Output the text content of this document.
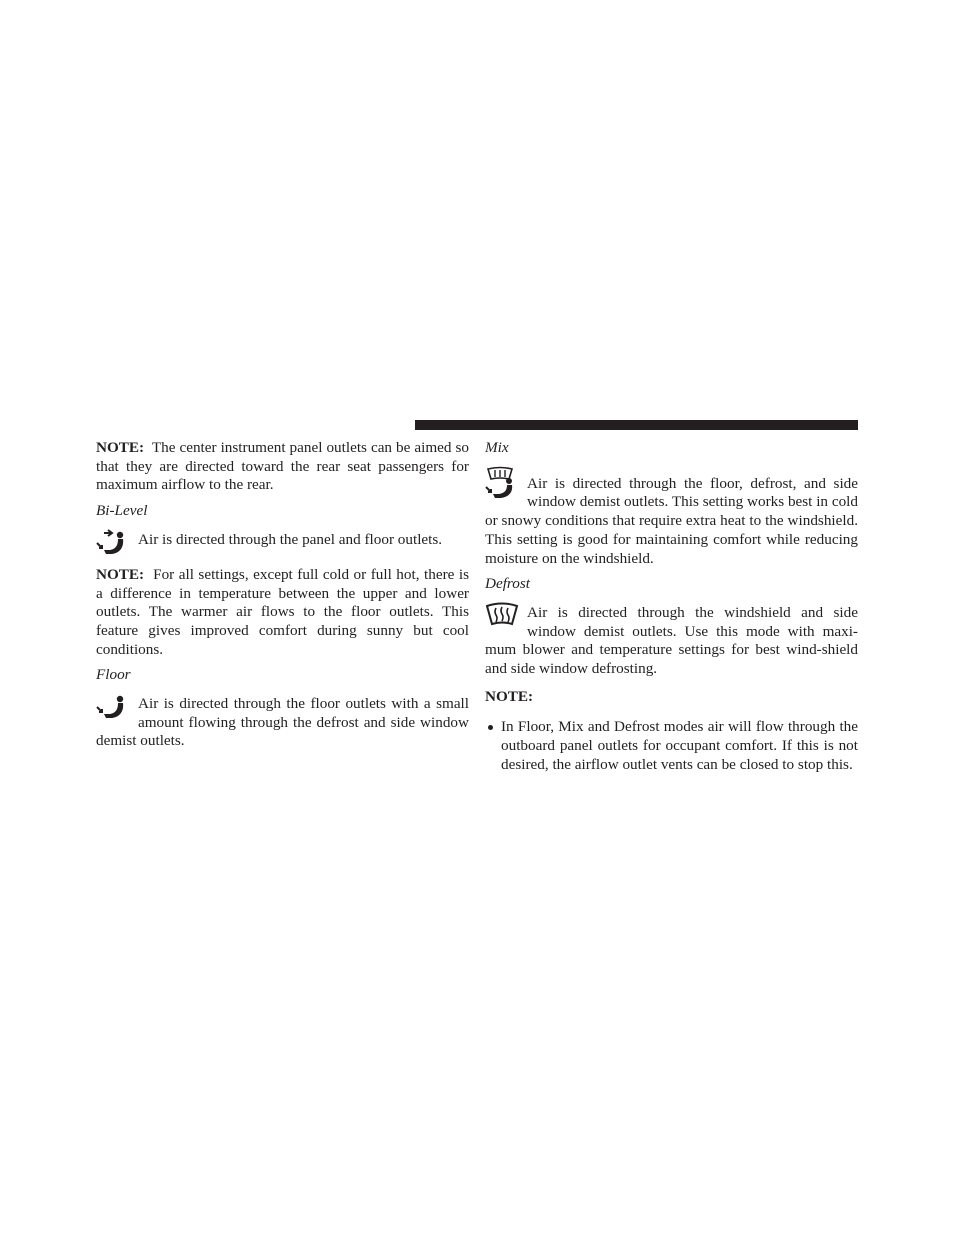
NOTE: The center instrument panel outlets can be aimed so that they are directed toward the rear seat passengers for maximum airflow to the rear.

Bi-Level

Air is directed through the panel and floor outlets.

NOTE: For all settings, except full cold or full hot, there is a difference in temperature between the upper and lower outlets. The warmer air flows to the floor outlets. This feature gives improved comfort during sunny but cool conditions.

Floor

Air is directed through the floor outlets with a small amount flowing through the defrost and side window demist outlets.

Mix

Air is directed through the floor, defrost, and side window demist outlets. This setting works best in cold or snowy conditions that require extra heat to the windshield. This setting is good for maintaining comfort while reducing moisture on the windshield.

Defrost

Air is directed through the windshield and side window demist outlets. Use this mode with maxi-mum blower and temperature settings for best wind-shield and side window defrosting.

NOTE:

In Floor, Mix and Defrost modes air will flow through the outboard panel outlets for occupant comfort. If this is not desired, the airflow outlet vents can be closed to stop this.
